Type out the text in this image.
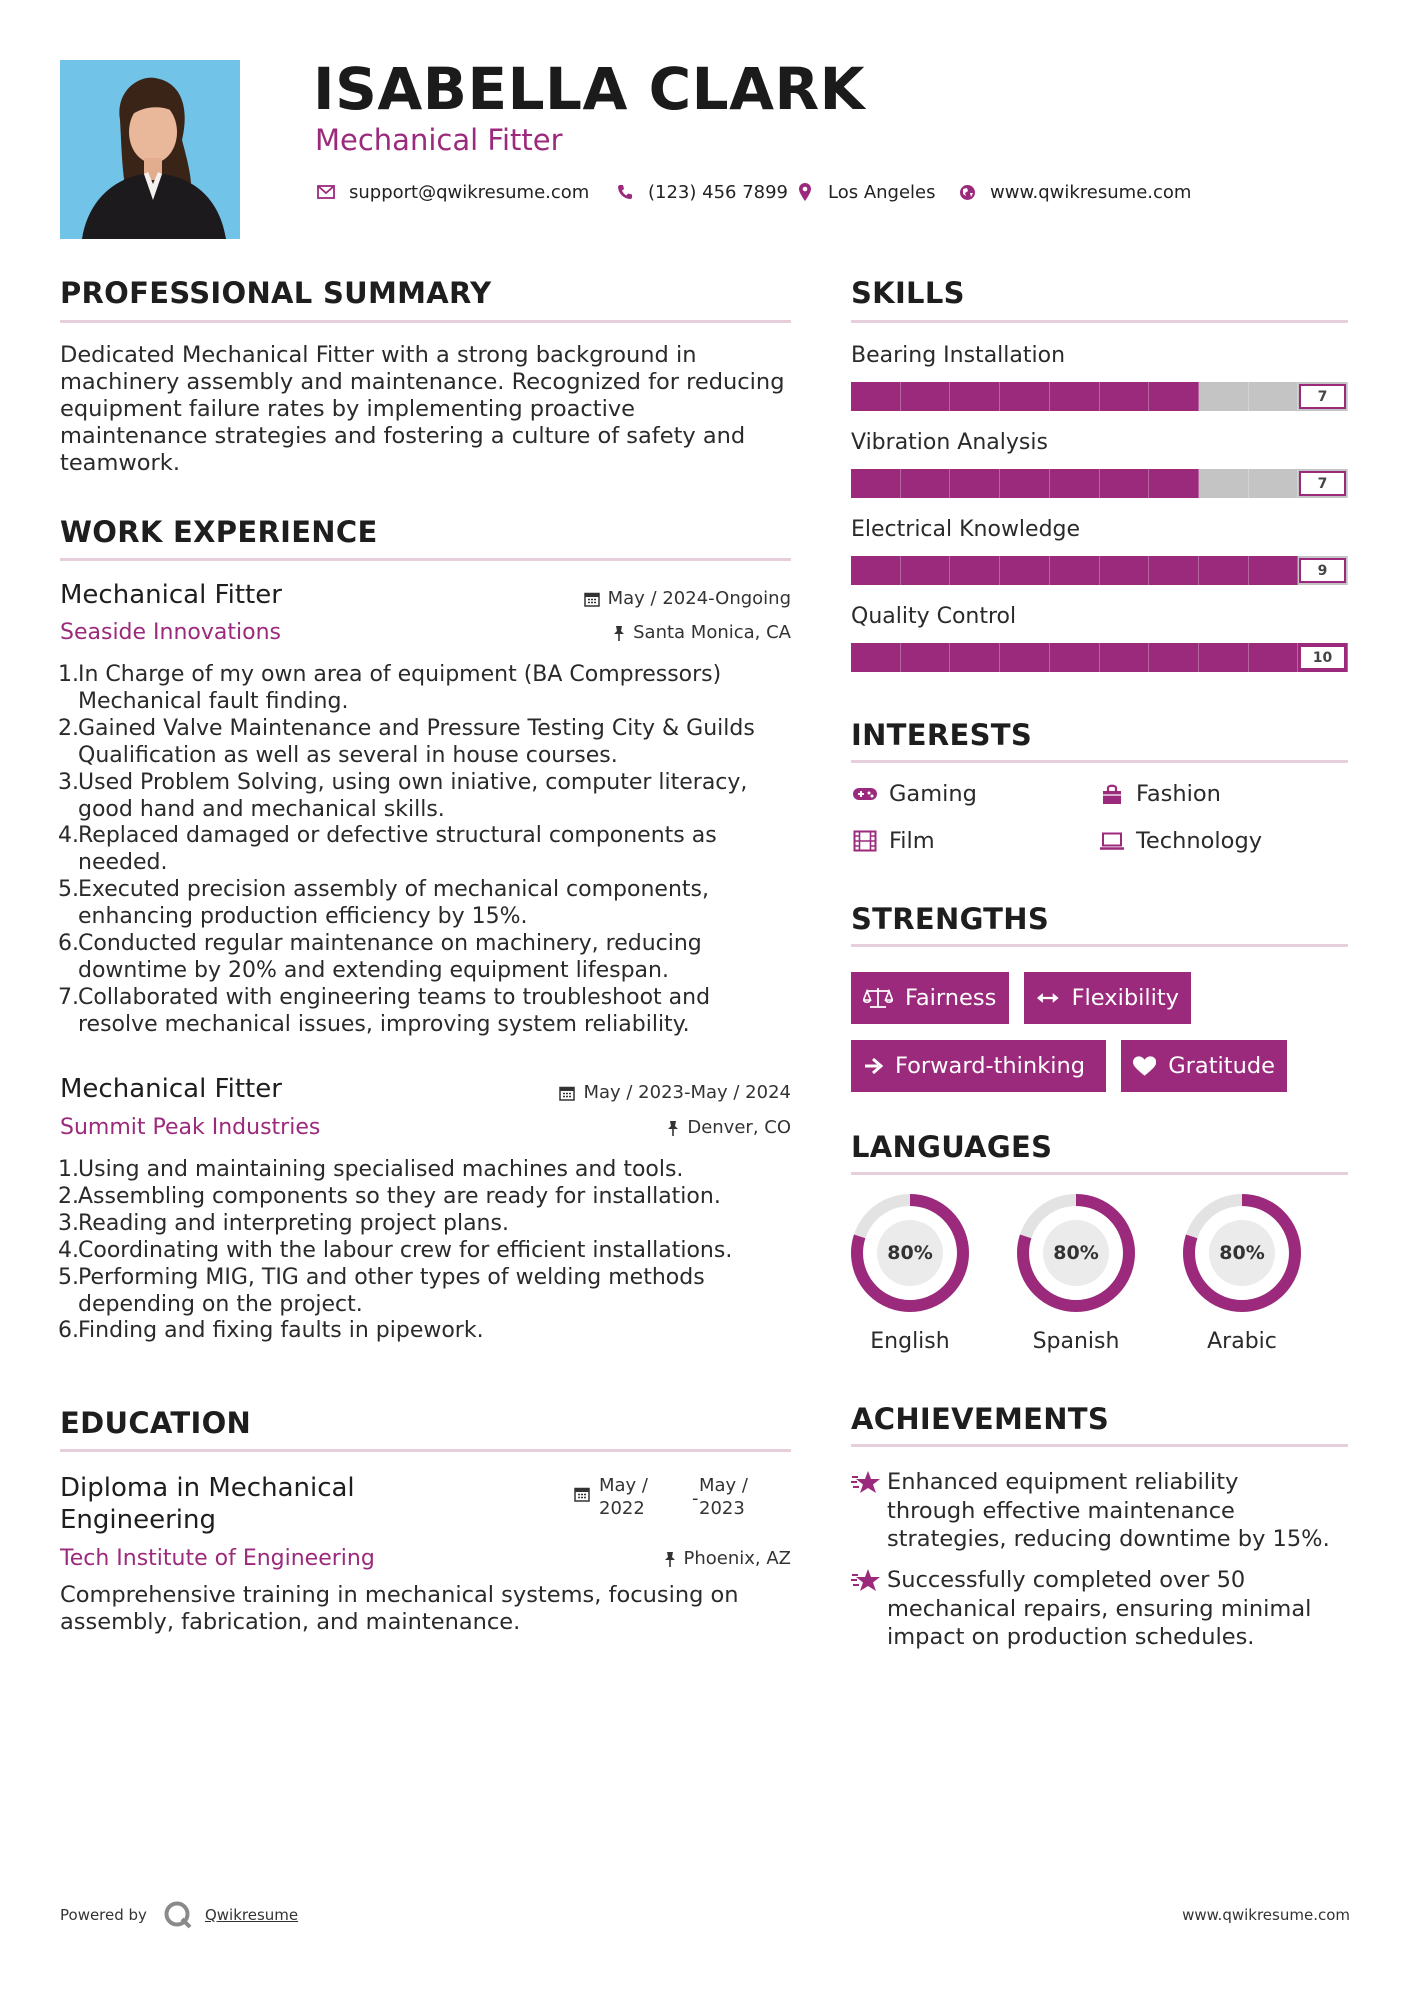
ISABELLA CLARK
Mechanical Fitter
support@qwikresume.com	(123) 456 7899 Los Angeles	www.qwikresume.com
PROFESSIONAL SUMMARY
Dedicated Mechanical Fitter with a strong background in
machinery assembly and maintenance. Recognized for reducing
equipment failure rates by implementing proactive
maintenance strategies and fostering a culture of safety and
teamwork.
WORK EXPERIENCE
Mechanical Fitter	May / 2024-Ongoing
Seaside Innovations	Santa Monica, CA
1. In Charge of my own area of equipment (BA Compressors)
Mechanical fault finding.
2. Gained Valve Maintenance and Pressure Testing City & Guilds
Qualification as well as several in house courses.
3. Used Problem Solving, using own iniative, computer literacy,
good hand and mechanical skills.
4. Replaced damaged or defective structural components as
needed.
5. Executed precision assembly of mechanical components,
enhancing production efficiency by 15%.
6. Conducted regular maintenance on machinery, reducing
downtime by 20% and extending equipment lifespan.
7. Collaborated with engineering teams to troubleshoot and
resolve mechanical issues, improving system reliability.
Mechanical Fitter	May / 2023-May / 2024
Summit Peak Industries	Denver, CO
1. Using and maintaining specialised machines and tools.
2. Assembling components so they are ready for installation.
3. Reading and interpreting project plans.
4. Coordinating with the labour crew for efficient installations.
5. Performing MIG, TIG and other types of welding methods
depending on the project.
6. Finding and fixing faults in pipework.
EDUCATION
Diploma in Mechanical
Engineering
May /
2022	-
May /
2023
Tech Institute of Engineering	Phoenix, AZ
Comprehensive training in mechanical systems, focusing on
assembly, fabrication, and maintenance.
SKILLS
Bearing Installation
7
Vibration Analysis
7
Electrical Knowledge
9
Quality Control
10
INTERESTS
Gaming	Fashion
Film	Technology
STRENGTHS
Fairness	Flexibility
Forward-thinking	Gratitude
LANGUAGES
80%	80%	80%
English	Spanish	Arabic
ACHIEVEMENTS
Enhanced equipment reliability
through effective maintenance
strategies, reducing downtime by 15%.
Successfully completed over 50
mechanical repairs, ensuring minimal
impact on production schedules.
Powered by	Qwikresume	www.qwikresume.com
